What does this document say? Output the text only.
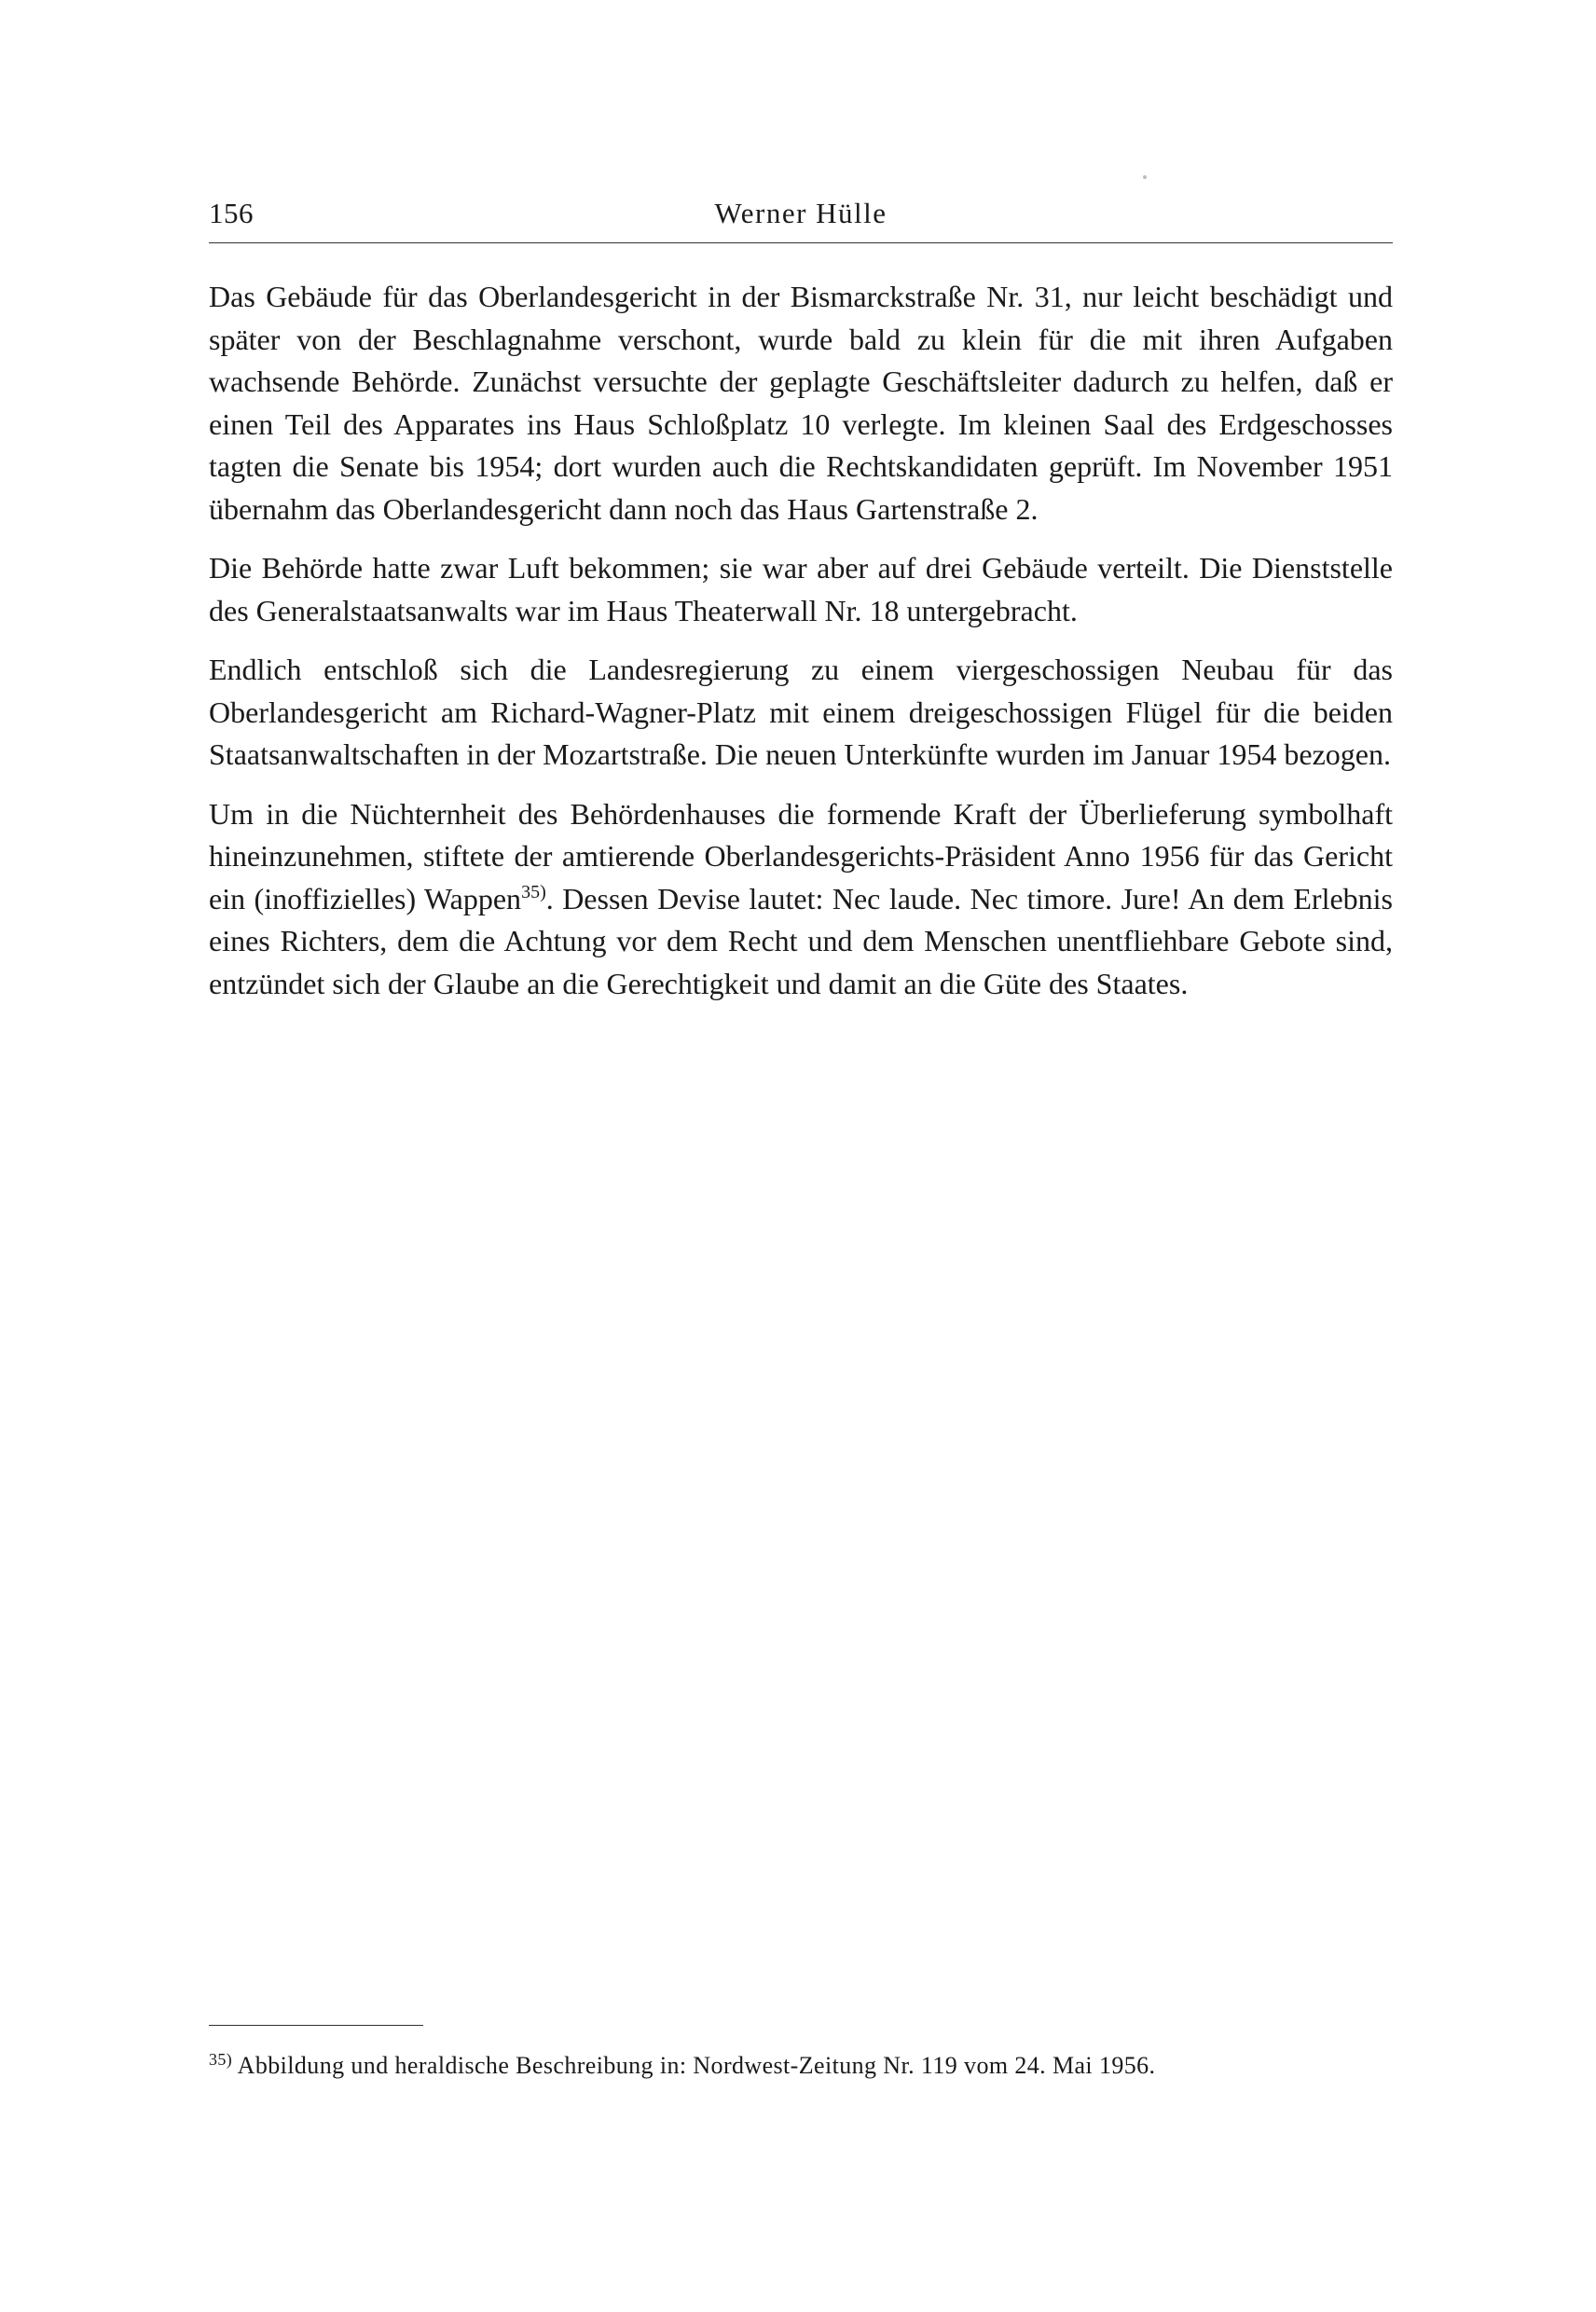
156	Werner Hülle

Das Gebäude für das Oberlandesgericht in der Bismarckstraße Nr. 31, nur leicht beschädigt und später von der Beschlagnahme verschont, wurde bald zu klein für die mit ihren Aufgaben wachsende Behörde. Zunächst versuchte der geplagte Geschäftsleiter dadurch zu helfen, daß er einen Teil des Apparates ins Haus Schloßplatz 10 verlegte. Im kleinen Saal des Erdgeschosses tagten die Senate bis 1954; dort wurden auch die Rechtskandidaten geprüft. Im November 1951 übernahm das Oberlandesgericht dann noch das Haus Gartenstraße 2.

Die Behörde hatte zwar Luft bekommen; sie war aber auf drei Gebäude verteilt. Die Dienststelle des Generalstaatsanwalts war im Haus Theaterwall Nr. 18 untergebracht.

Endlich entschloß sich die Landesregierung zu einem viergeschossigen Neubau für das Oberlandesgericht am Richard-Wagner-Platz mit einem dreigeschossigen Flügel für die beiden Staatsanwaltschaften in der Mozartstraße. Die neuen Unterkünfte wurden im Januar 1954 bezogen.

Um in die Nüchternheit des Behördenhauses die formende Kraft der Überlieferung symbolhaft hineinzunehmen, stiftete der amtierende Oberlandesgerichts-Präsident Anno 1956 für das Gericht ein (inoffizielles) Wappen$^{35)}$. Dessen Devise lautet: Nec laude. Nec timore. Jure! An dem Erlebnis eines Richters, dem die Achtung vor dem Recht und dem Menschen unentfliehbare Gebote sind, entzündet sich der Glaube an die Gerechtigkeit und damit an die Güte des Staates.

$^{35)}$ Abbildung und heraldische Beschreibung in: Nordwest-Zeitung Nr. 119 vom 24. Mai 1956.
